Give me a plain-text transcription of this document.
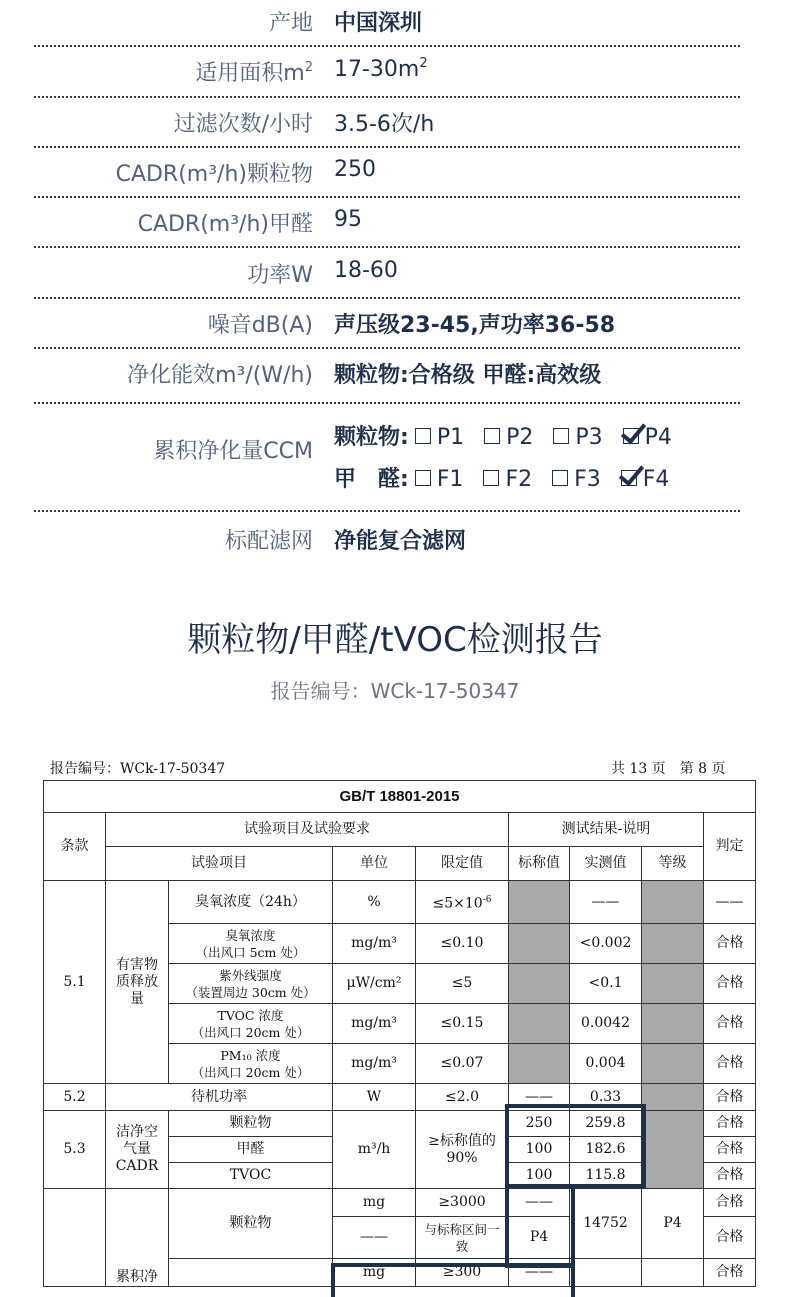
产地 中国深圳
适用面积$m^2$ $17-30m^2$
过滤次数/小时 3.5-6次/h
CADR(m³/h)颗粒物 250
CADR(m³/h)甲醛 95
功率W 18-60
噪音dB(A) 声压级23-45,声功率36-58
净化能效m³/(W/h) 颗粒物:合格级 甲醛:高效级
累积净化量CCM
颗粒物: P1 P2 P3 P4
甲　醛: F1 F2 F3 F4
标配滤网 净能复合滤网
颗粒物/甲醛/tVOC检测报告
报告编号：WCk-17-50347
报告编号：WCk-17-50347	共 13 页　第 8 页
GB/T 18801-2015								
条款	试验项目及试验要求				测试结果-说明			判定
	试验项目		单位	限定值	标称值	实测值	等级	
5.1	有害物质释放量	臭氧浓度（24h）	%	$\le 5\times 10^{-6}$		——		——
		臭氧浓度
（出风口 5cm 处）	mg/m³	≤0.10		<0.002		合格
		紫外线强度
（装置周边 30cm 处）	μW/cm²	≤5		<0.1		合格
		TVOC 浓度
（出风口 20cm 处）	mg/m³	≤0.15		0.0042		合格
		PM₁₀ 浓度
（出风口 20cm 处）	mg/m³	≤0.07		0.004		合格
5.2	待机功率		W	≤2.0	——	0.33		合格
5.3	洁净空气量 CADR	颗粒物	m³/h	≥标称值的90%	250	259.8		合格
		甲醛			100	182.6		合格
		TVOC			100	115.8		合格
	累积净	颗粒物	mg	≥3000	——	14752	P4	合格
			——	与标称区间一致	P4			合格
			mg	≥300	——			合格
